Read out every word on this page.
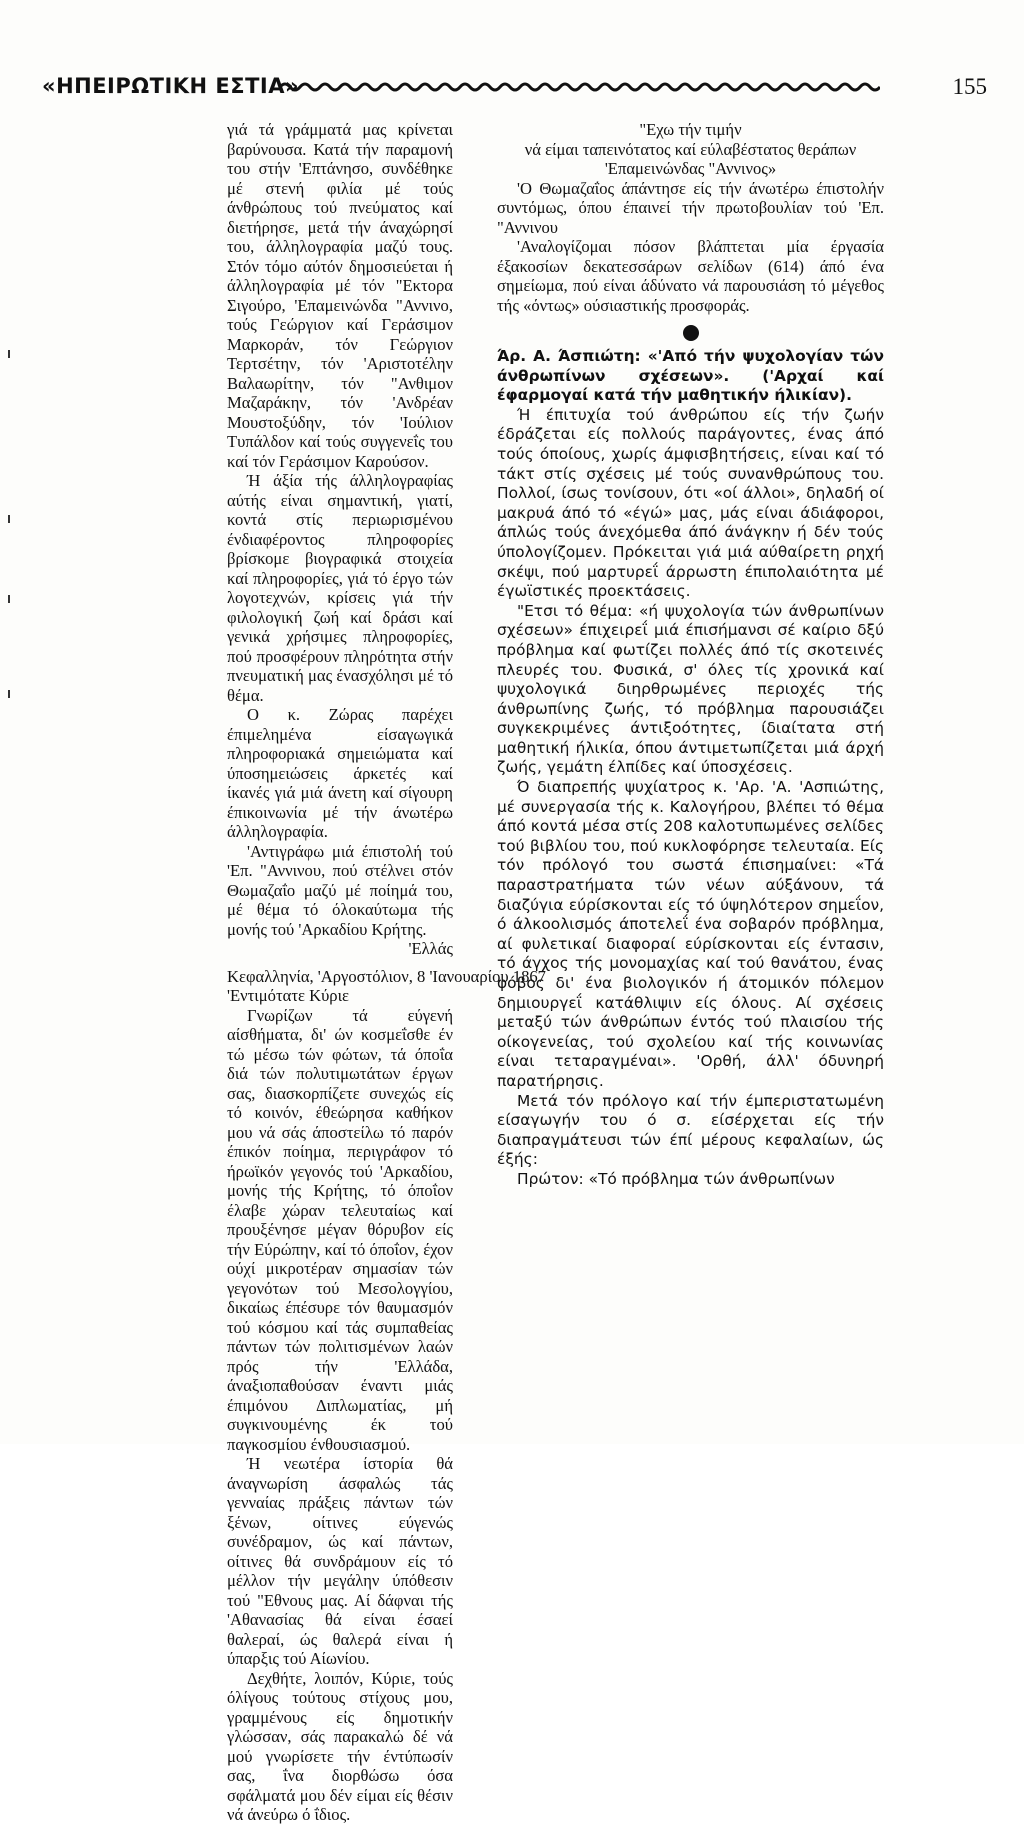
«ΗΠΕΙΡΩΤΙΚΗ ΕΣΤΙΑ»	155

γιά τά γράμματά μας κρίνεται βαρύνουσα. Κατά τήν παραμονή του στήν 'Επτάνησο, συνδέθηκε μέ στενή φιλία μέ τούς άνθρώπους τού πνεύματος καί διετήρησε, μετά τήν άναχώρησί του, άλληλογραφία μαζύ τους. Στόν τόμο αύτόν δημοσιεύεται ή άλληλογραφία μέ τόν "Εκτορα Σιγούρο, 'Επαμεινώνδα "Αννινο, τούς Γεώργιον καί Γεράσιμον Μαρκοράν, τόν Γεώργιον Τερτσέτην, τόν 'Αριστοτέλην Βαλαωρίτην, τόν "Ανθιμον Μαζαράκην, τόν 'Ανδρέαν Μουστοξύδην, τόν 'Ιούλιον Τυπάλδον καί τούς συγγενεΐς του καί τόν Γεράσιμον Καρούσον.

Ή άξία τής άλληλογραφίας αύτής είναι σημαντική, γιατί, κοντά στίς περιωρισμένου ένδιαφέροντος πληροφορίες βρίσκομε βιογραφικά στοιχεία καί πληροφορίες, γιά τό έργο τών λογοτεχνών, κρίσεις γιά τήν φιλολογική ζωή καί δράσι καί γενικά χρήσιμες πληροφορίες, πού προσφέρουν πληρότητα στήν πνευματική μας ένασχόλησι μέ τό θέμα.

Ο κ. Ζώρας παρέχει έπιμελημένα είσαγωγικά πληροφοριακά σημειώματα καί ύποσημειώσεις άρκετές καί ίκανές γιά μιά άνετη καί σίγουρη έπικοινωνία μέ τήν άνωτέρω άλληλογραφία.

'Αντιγράφω μιά έπιστολή τού 'Επ. "Αννινου, πού στέλνει στόν Θωμαζαΐο μαζύ μέ ποίημά του, μέ θέμα τό όλοκαύτωμα τής μονής τού 'Αρκαδίου Κρήτης.

'Ελλάς

Κεφαλληνία, 'Αργοστόλιον, 8 'Ιανουαρίου 1867

'Εντιμότατε Κύριε

Γνωρίζων τά εύγενή αίσθήματα, δι' ών κοσμεΐσθε έν τώ μέσω τών φώτων, τά όποΐα διά τών πολυτιμωτάτων έργων σας, διασκορπίζετε συνεχώς είς τό κοινόν, έθεώρησα καθήκον μου νά σάς άποστείλω τό παρόν έπικόν ποίημα, περιγράφον τό ήρωϊκόν γεγονός τού 'Αρκαδίου, μονής τής Κρήτης, τό όποΐον έλαβε χώραν τελευταίως καί προυξένησε μέγαν θόρυβον είς τήν Εύρώπην, καί τό όποΐον, έχον ούχί μικροτέραν σημασίαν τών γεγονότων τού Μεσολογγίου, δικαίως έπέσυρε τόν θαυμασμόν τού κόσμου καί τάς συμπαθείας πάντων τών πολιτισμένων λαών πρός τήν 'Ελλάδα, άναξιοπαθούσαν έναντι μιάς έπιμόνου Διπλωματίας, μή συγκινουμένης έκ τού παγκοσμίου ένθουσιασμού.

Ή νεωτέρα ίστορία θά άναγνωρίση άσφαλώς τάς γενναίας πράξεις πάντων τών ξένων, οίτινες εύγενώς συνέδραμον, ώς καί πάντων, οίτινες θά συνδράμουν είς τό μέλλον τήν μεγάλην ύπόθεσιν τού "Εθνους μας. Αί δάφναι τής 'Αθανασίας θά είναι έσαεί θαλεραί, ώς θαλερά είναι ή ύπαρξις τού Αίωνίου.

Δεχθήτε, λοιπόν, Κύριε, τούς όλίγους τούτους στίχους μου, γραμμένους είς δημοτικήν γλώσσαν, σάς παρακαλώ δέ νά μού γνωρίσετε τήν έντύπωσίν σας, ΐνα διορθώσω όσα σφάλματά μου δέν είμαι είς θέσιν νά άνεύρω ό ΐδιος.

"Εχω τήν τιμήν

νά είμαι ταπεινότατος καί εύλαβέστατος θεράπων

'Επαμεινώνδας "Αννινος»

'Ο Θωμαζαΐος άπάντησε είς τήν άνωτέρω έπιστολήν συντόμως, όπου έπαινεί τήν πρωτοβουλίαν τού 'Επ. "Αννινου

'Αναλογίζομαι πόσον βλάπτεται μία έργασία έξακοσίων δεκατεσσάρων σελίδων (614) άπό ένα σημείωμα, πού είναι άδύνατο νά παρουσιάση τό μέγεθος τής «όντως» ούσιαστικής προσφοράς.

Άρ. Α. Άσπιώτη: «'Από τήν ψυχολογίαν τών άνθρωπίνων σχέσεων». ('Αρχαί καί έφαρμογαί κατά τήν μαθητικήν ήλικίαν).

Ή έπιτυχία τού άνθρώπου είς τήν ζωήν έδράζεται είς πολλούς παράγοντες, ένας άπό τούς όποίους, χωρίς άμφισβητήσεις, είναι καί τό τάκτ στίς σχέσεις μέ τούς συνανθρώπους του. Πολλοί, ίσως τονίσουν, ότι «οί άλλοι», δηλαδή οί μακρυά άπό τό «έγώ» μας, μάς είναι άδιάφοροι, άπλώς τούς άνεχόμεθα άπό άνάγκην ή δέν τούς ύπολογίζομεν. Πρόκειται γιά μιά αύθαίρετη ρηχή σκέψι, πού μαρτυρεΐ άρρωστη έπιπολαιότητα μέ έγωϊστικές προεκτάσεις.

"Ετσι τό θέμα: «ή ψυχολογία τών άνθρωπίνων σχέσεων» έπιχειρεΐ μιά έπισήμανσι σέ καίριο δξύ πρόβλημα καί φωτίζει πολλές άπό τίς σκοτεινές πλευρές του. Φυσικά, σ' όλες τίς χρονικά καί ψυχολογικά διηρθρωμένες περιοχές τής άνθρωπίνης ζωής, τό πρόβλημα παρουσιάζει συγκεκριμένες άντιξοότητες, ίδιαίτατα στή μαθητική ήλικία, όπου άντιμετωπίζεται μιά άρχή ζωής, γεμάτη έλπίδες καί ύποσχέσεις.

Ό διαπρεπής ψυχίατρος κ. 'Αρ. 'Α. 'Ασπιώτης, μέ συνεργασία τής κ. Καλογήρου, βλέπει τό θέμα άπό κοντά μέσα στίς 208 καλοτυπωμένες σελίδες τού βιβλίου του, πού κυκλοφόρησε τελευταία. Είς τόν πρόλογό του σωστά έπισημαίνει: «Τά παραστρατήματα τών νέων αύξάνουν, τά διαζύγια εύρίσκονται είς τό ύψηλότερον σημεΐον, ό άλκοολισμός άποτελεΐ ένα σοβαρόν πρόβλημα, αί φυλετικαί διαφοραί εύρίσκονται είς ένтασιν, τό άγχος τής μονομαχίας καί τού θανάτου, ένας φόβος δι' ένα βιολογικόν ή άτομικόν πόλεμον δημιουργεΐ κατάθλιψιν είς όλους. Αί σχέσεις μεταξύ τών άνθρώπων έντός τού πλαισίου τής οίκογενείας, τού σχολείου καί τής κοινωνίας είναι τεταραγμέναι». 'Ορθή, άλλ' όδυνηρή παρατήρησις.

Μετά τόν πρόλογο καί τήν έμπεριστατωμένη είσαγωγήν του ό σ. είσέρχεται είς τήν διαπραγμάτευσι τών έπί μέρους κεφαλαίων, ώς έξής:

Πρώτον: «Τό πρόβλημα τών άνθρωπίνων
